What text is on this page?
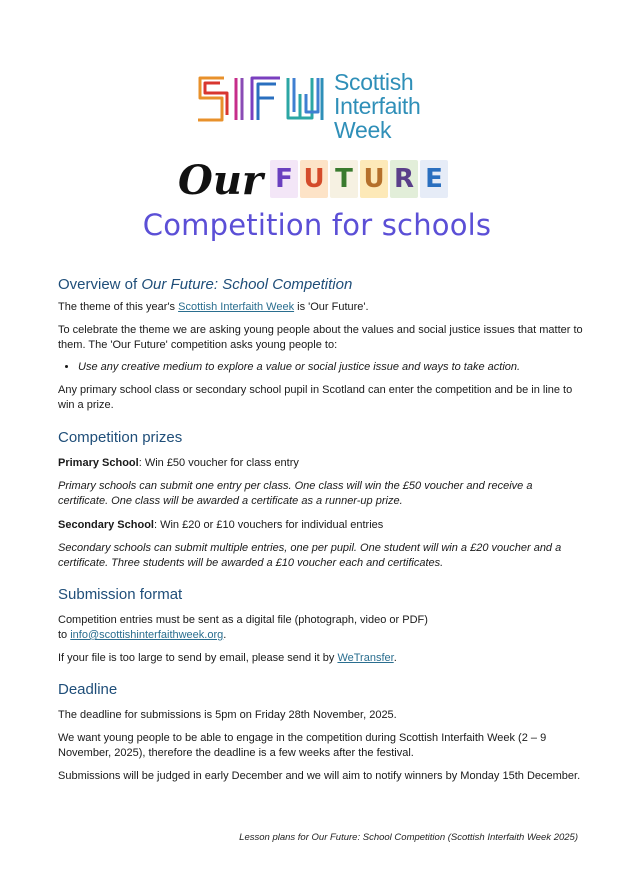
Scottish
Interfaith
Week
Our F U T U R E
Competition for schools
Overview of Our Future: School Competition

The theme of this year's Scottish Interfaith Week is 'Our Future'.

To celebrate the theme we are asking young people about the values and social justice issues that matter to them. The 'Our Future' competition asks young people to:

• Use any creative medium to explore a value or social justice issue and ways to take action.

Any primary school class or secondary school pupil in Scotland can enter the competition and be in line to win a prize.

Competition prizes

Primary School: Win £50 voucher for class entry

Primary schools can submit one entry per class. One class will win the £50 voucher and receive a certificate. One class will be awarded a certificate as a runner-up prize.

Secondary School: Win £20 or £10 vouchers for individual entries

Secondary schools can submit multiple entries, one per pupil. One student will win a £20 voucher and a certificate. Three students will be awarded a £10 voucher each and certificates.

Submission format

Competition entries must be sent as a digital file (photograph, video or PDF)
to info@scottishinterfaithweek.org.

If your file is too large to send by email, please send it by WeTransfer.

Deadline

The deadline for submissions is 5pm on Friday 28th November, 2025.

We want young people to be able to engage in the competition during Scottish Interfaith Week (2 – 9 November, 2025), therefore the deadline is a few weeks after the festival.

Submissions will be judged in early December and we will aim to notify winners by Monday 15th December.

Lesson plans for Our Future: School Competition (Scottish Interfaith Week 2025)
